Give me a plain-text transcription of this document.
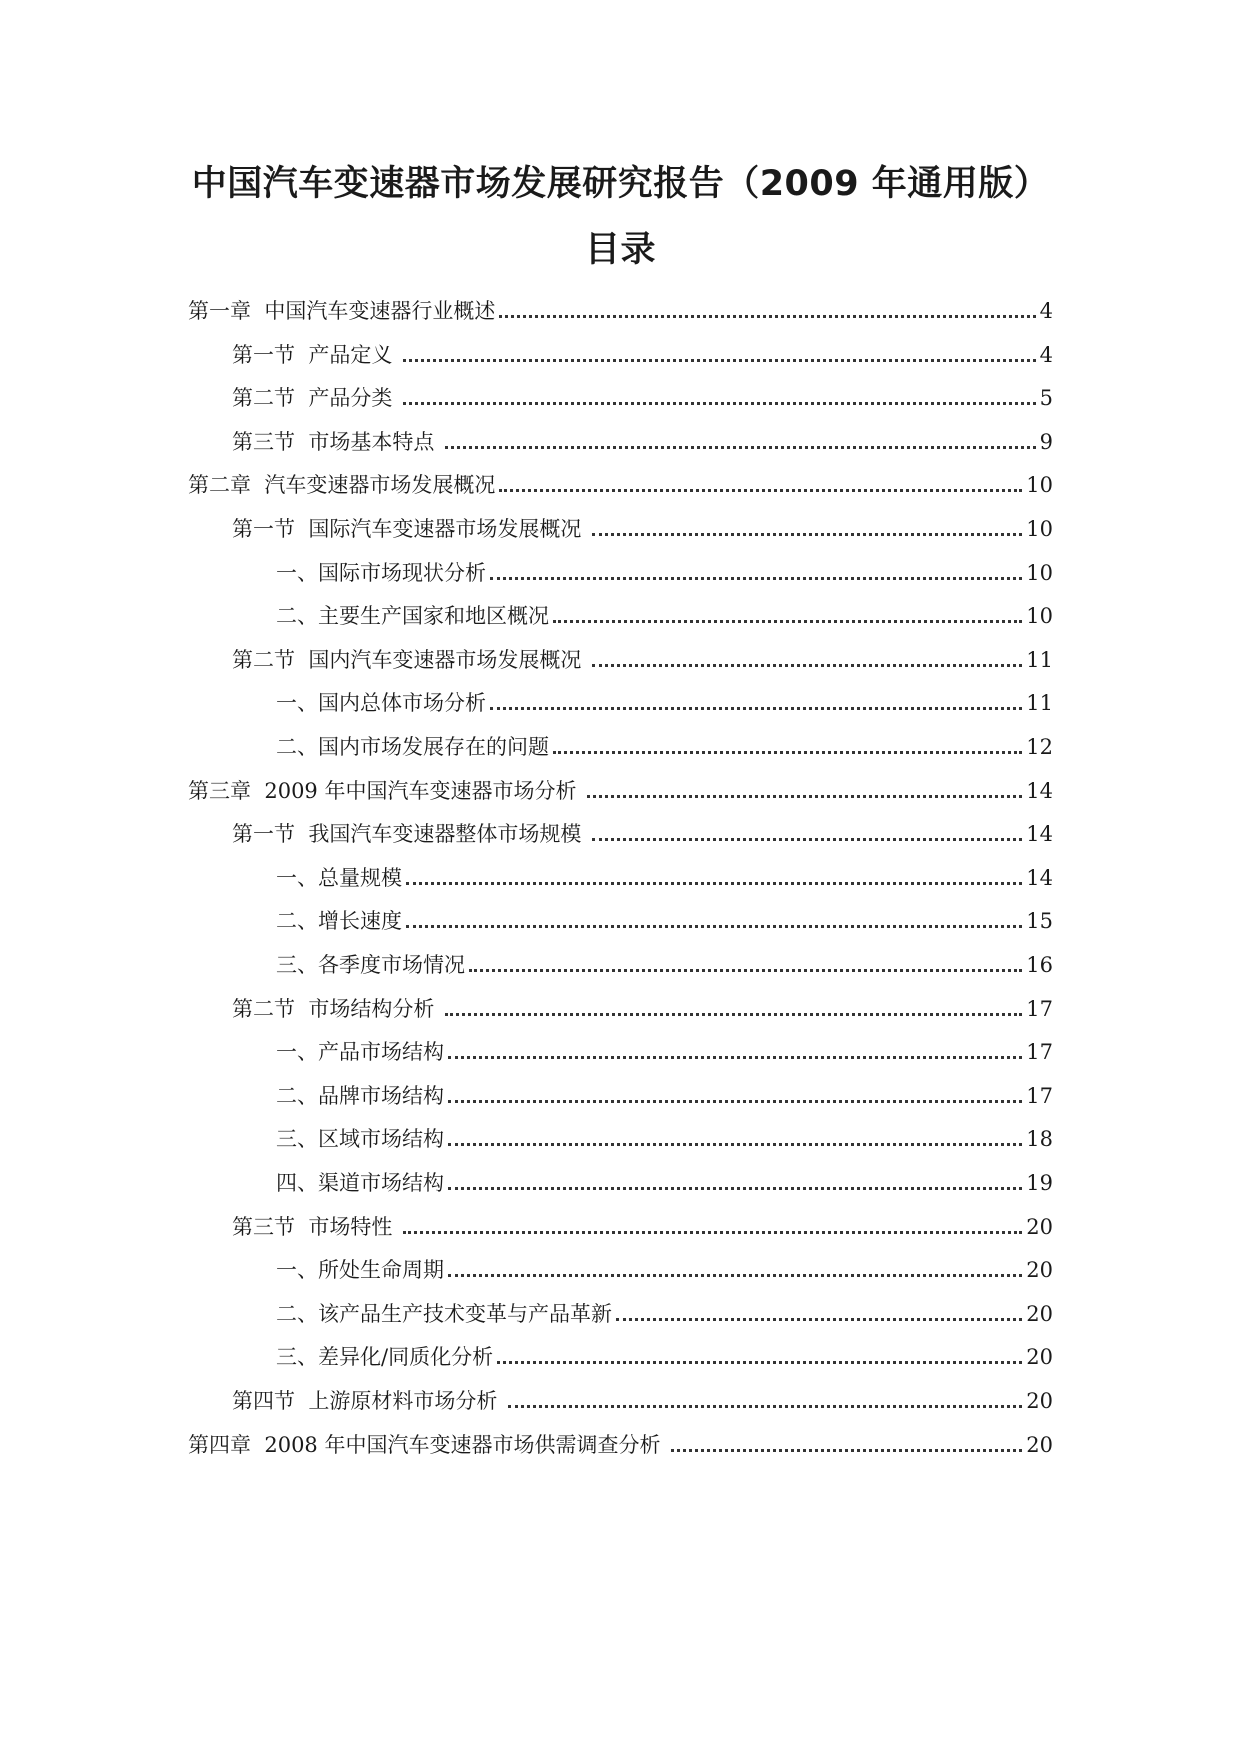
中国汽车变速器市场发展研究报告（2009 年通用版）
目录
第一章  中国汽车变速器行业概述	4
第一节  产品定义	4
第二节  产品分类	5
第三节  市场基本特点	9
第二章  汽车变速器市场发展概况	10
第一节  国际汽车变速器市场发展概况	10
一、国际市场现状分析	10
二、主要生产国家和地区概况	10
第二节  国内汽车变速器市场发展概况	11
一、国内总体市场分析	11
二、国内市场发展存在的问题	12
第三章  2009 年中国汽车变速器市场分析	14
第一节  我国汽车变速器整体市场规模	14
一、总量规模	14
二、增长速度	15
三、各季度市场情况	16
第二节  市场结构分析	17
一、产品市场结构	17
二、品牌市场结构	17
三、区域市场结构	18
四、渠道市场结构	19
第三节  市场特性	20
一、所处生命周期	20
二、该产品生产技术变革与产品革新	20
三、差异化/同质化分析	20
第四节  上游原材料市场分析	20
第四章  2008 年中国汽车变速器市场供需调查分析	20
